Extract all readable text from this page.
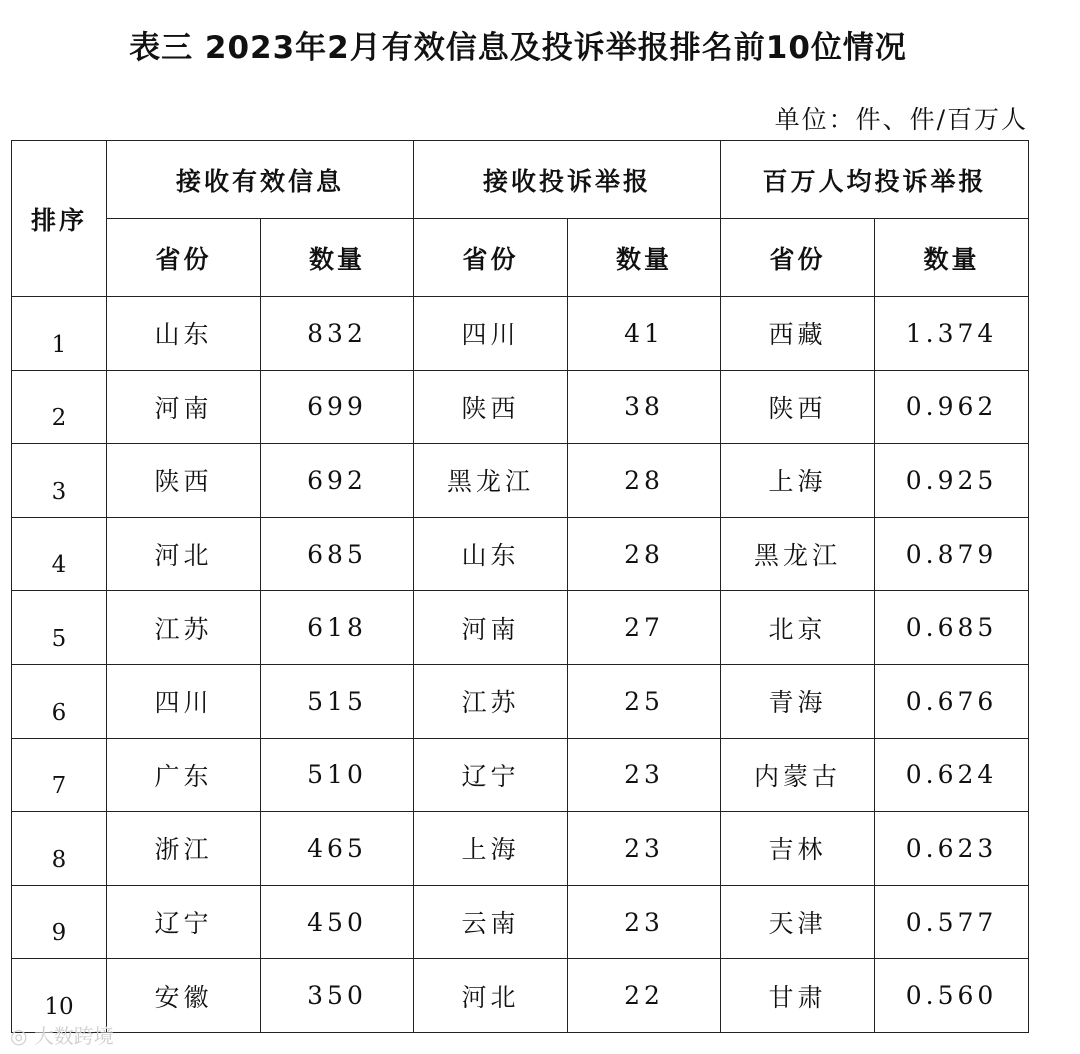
表三 2023年2月有效信息及投诉举报排名前10位情况
单位：件、件/百万人
排序	接收有效信息		接收投诉举报		百万人均投诉举报	
	省份	数量	省份	数量	省份	数量
1	山东	832	四川	41	西藏	1.374
2	河南	699	陕西	38	陕西	0.962
3	陕西	692	黑龙江	28	上海	0.925
4	河北	685	山东	28	黑龙江	0.879
5	江苏	618	河南	27	北京	0.685
6	四川	515	江苏	25	青海	0.676
7	广东	510	辽宁	23	内蒙古	0.624
8	浙江	465	上海	23	吉林	0.623
9	辽宁	450	云南	23	天津	0.577
10	安徽	350	河北	22	甘肃	0.560
◎ 大数跨境
